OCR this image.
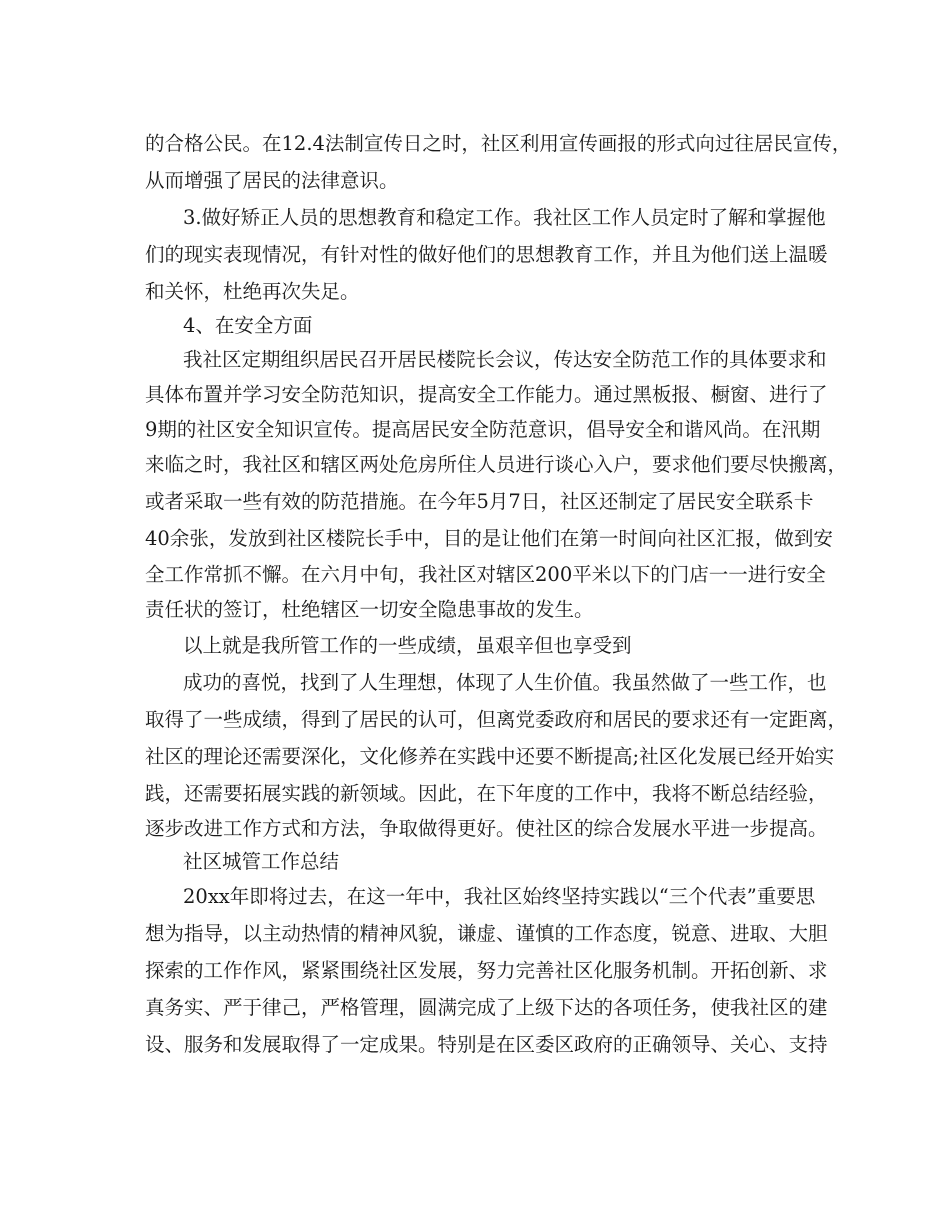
的合格公民。在12.4法制宣传日之时，社区利用宣传画报的形式向过往居民宣传，
从而增强了居民的法律意识。
3.做好矫正人员的思想教育和稳定工作。我社区工作人员定时了解和掌握他
们的现实表现情况，有针对性的做好他们的思想教育工作，并且为他们送上温暖
和关怀，杜绝再次失足。
4、在安全方面
我社区定期组织居民召开居民楼院长会议，传达安全防范工作的具体要求和
具体布置并学习安全防范知识，提高安全工作能力。通过黑板报、橱窗、进行了
9期的社区安全知识宣传。提高居民安全防范意识，倡导安全和谐风尚。在汛期
来临之时，我社区和辖区两处危房所住人员进行谈心入户，要求他们要尽快搬离，
或者采取一些有效的防范措施。在今年5月7日，社区还制定了居民安全联系卡
40余张，发放到社区楼院长手中，目的是让他们在第一时间向社区汇报，做到安
全工作常抓不懈。在六月中旬，我社区对辖区200平米以下的门店一一进行安全
责任状的签订，杜绝辖区一切安全隐患事故的发生。
以上就是我所管工作的一些成绩，虽艰辛但也享受到
成功的喜悦，找到了人生理想，体现了人生价值。我虽然做了一些工作，也
取得了一些成绩，得到了居民的认可，但离党委政府和居民的要求还有一定距离，
社区的理论还需要深化，文化修养在实践中还要不断提高;社区化发展已经开始实
践，还需要拓展实践的新领域。因此，在下年度的工作中，我将不断总结经验，
逐步改进工作方式和方法，争取做得更好。使社区的综合发展水平进一步提高。
社区城管工作总结
20xx年即将过去，在这一年中，我社区始终坚持实践以“三个代表”重要思
想为指导，以主动热情的精神风貌，谦虚、谨慎的工作态度，锐意、进取、大胆
探索的工作作风，紧紧围绕社区发展，努力完善社区化服务机制。开拓创新、求
真务实、严于律己，严格管理，圆满完成了上级下达的各项任务，使我社区的建
设、服务和发展取得了一定成果。特别是在区委区政府的正确领导、关心、支持
